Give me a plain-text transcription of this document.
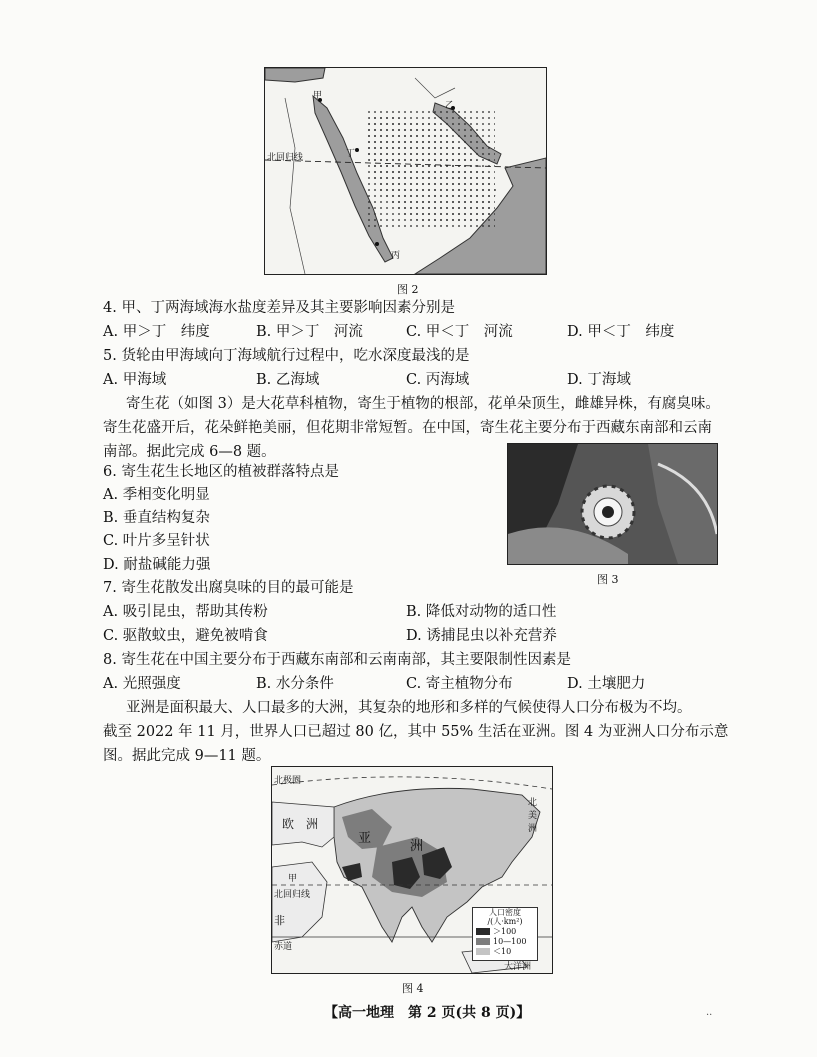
甲
乙
丁
丙
北回归线
图 2
4. 甲、丁两海域海水盐度差异及其主要影响因素分别是
A. 甲＞丁　纬度	B. 甲＞丁　河流	C. 甲＜丁　河流	D. 甲＜丁　纬度
5. 货轮由甲海域向丁海域航行过程中，吃水深度最浅的是
A. 甲海域	B. 乙海域	C. 丙海域	D. 丁海域
寄生花（如图 3）是大花草科植物，寄生于植物的根部，花单朵顶生，雌雄异株，有腐臭味。
寄生花盛开后，花朵鲜艳美丽，但花期非常短暂。在中国，寄生花主要分布于西藏东南部和云南
南部。据此完成 6—8 题。
图 3
6. 寄生花生长地区的植被群落特点是
A. 季相变化明显
B. 垂直结构复杂
C. 叶片多呈针状
D. 耐盐碱能力强
7. 寄生花散发出腐臭味的目的最可能是
A. 吸引昆虫，帮助其传粉	B. 降低对动物的适口性
C. 驱散蚊虫，避免被啃食	D. 诱捕昆虫以补充营养
8. 寄生花在中国主要分布于西藏东南部和云南南部，其主要限制性因素是
A. 光照强度	B. 水分条件	C. 寄主植物分布	D. 土壤肥力
亚洲是面积最大、人口最多的大洲，其复杂的地形和多样的气候使得人口分布极为不均。
截至 2022 年 11 月，世界人口已超过 80 亿，其中 55% 生活在亚洲。图 4 为亚洲人口分布示意
图。据此完成 9—11 题。
北极圈
北美洲
欧　洲
亚
洲
甲
北回归线
非
赤道
大洋洲
人口密度
/(人·km²)
＞100
10—100
＜10
图 4
【高一地理　第 2 页(共 8 页)】	··
